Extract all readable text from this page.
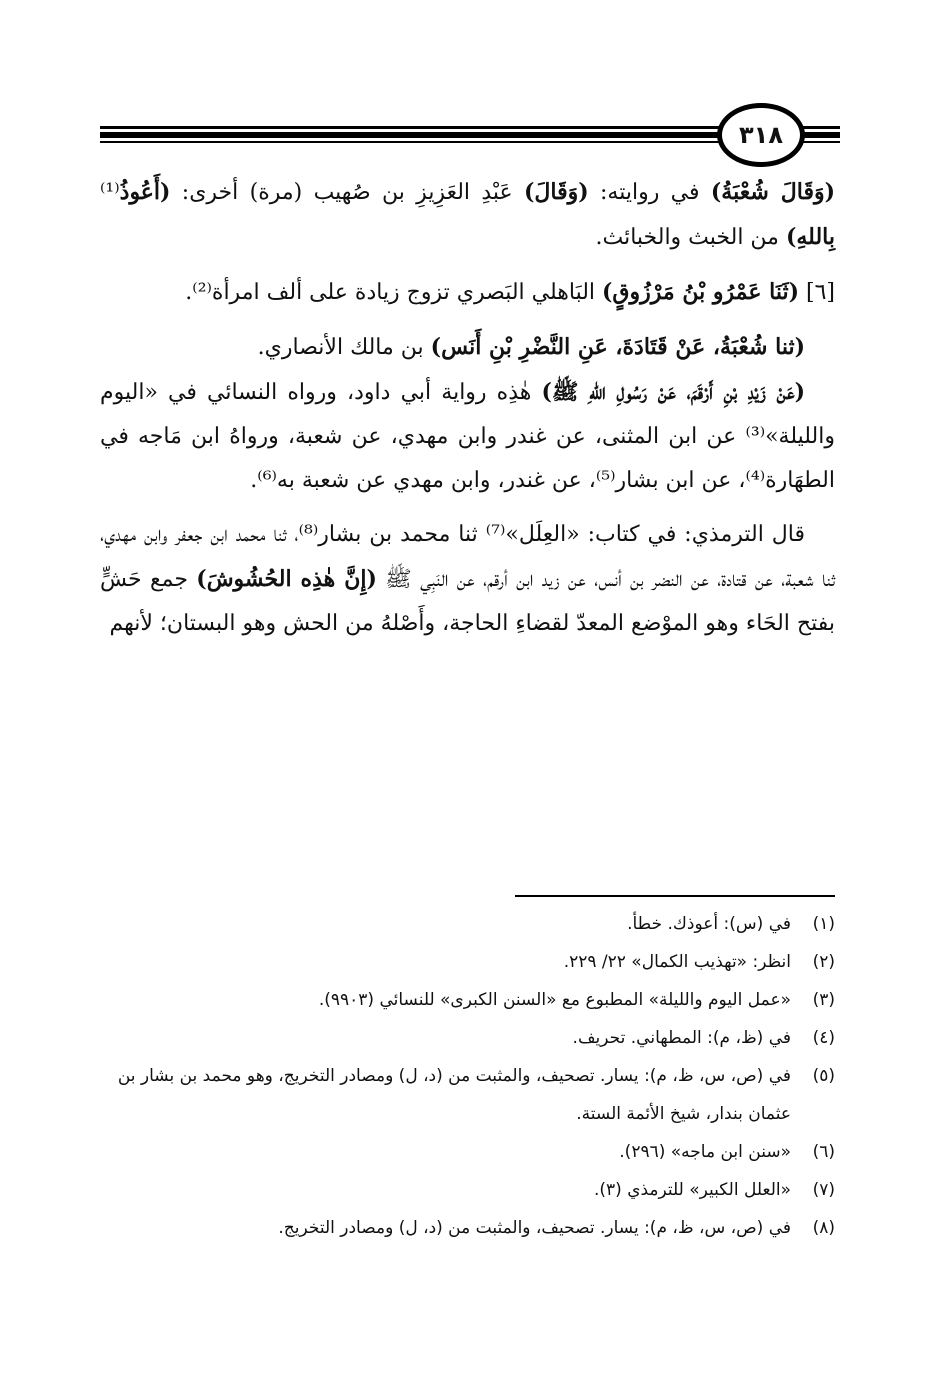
٣١٨

(وَقَالَ شُعْبَةُ) في روايته: (وَقَالَ) عَبْدِ العَزِيزِ بن صُهيب (مرة) أخرى: (أَعُوذُ⁽¹⁾ بِاللهِ) من الخبث والخبائث.

[٦] (ثَنَا عَمْرُو بْنُ مَرْزُوقٍ) البَاهلي البَصري تزوج زيادة على ألف امرأة⁽²⁾.

(ثنا شُعْبَةُ، عَنْ قَتَادَةَ، عَنِ النَّضْرِ بْنِ أَنَس) بن مالك الأنصاري.

(عَنْ زَيْدِ بْنِ أَرْقَمَ، عَنْ رَسُولِ اللهِ ﷺ) هٰذِه رواية أبي داود، ورواه النسائي في «اليوم والليلة»⁽³⁾ عن ابن المثنى، عن غندر وابن مهدي، عن شعبة، ورواهُ ابن مَاجه في الطهَارة⁽⁴⁾، عن ابن بشار⁽⁵⁾، عن غندر، وابن مهدي عن شعبة به⁽⁶⁾.

قال الترمذي: في كتاب: «العِلَل»⁽⁷⁾ ثنا محمد بن بشار⁽⁸⁾، ثنا محمد ابن جعفر وابن مهدي، ثنا شعبة، عن قتادة، عن النضر بن أنس، عن زيد ابن أرقم، عن النَبِي ﷺ (إِنَّ هٰذِه الحُشُوشَ) جمع حَشٍّ بفتح الحَاء وهو الموْضع المعدّ لقضاءِ الحاجة، وأَصْلهُ من الحش وهو البستان؛ لأنهم

(١)
في (س): أعوذك. خطأ.
(٢)
انظر: «تهذيب الكمال» ٢٢/ ٢٢٩.
(٣)
«عمل اليوم والليلة» المطبوع مع «السنن الكبرى» للنسائي (٩٩٠٣).
(٤)
في (ظ، م): المطهاني. تحريف.
(٥)
في (ص، س، ظ، م): يسار. تصحيف، والمثبت من (د، ل) ومصادر التخريج، وهو محمد بن بشار بن عثمان بندار، شيخ الأئمة الستة.
(٦)
«سنن ابن ماجه» (٢٩٦).
(٧)
«العلل الكبير» للترمذي (٣).
(٨)
في (ص، س، ظ، م): يسار. تصحيف، والمثبت من (د، ل) ومصادر التخريج.
